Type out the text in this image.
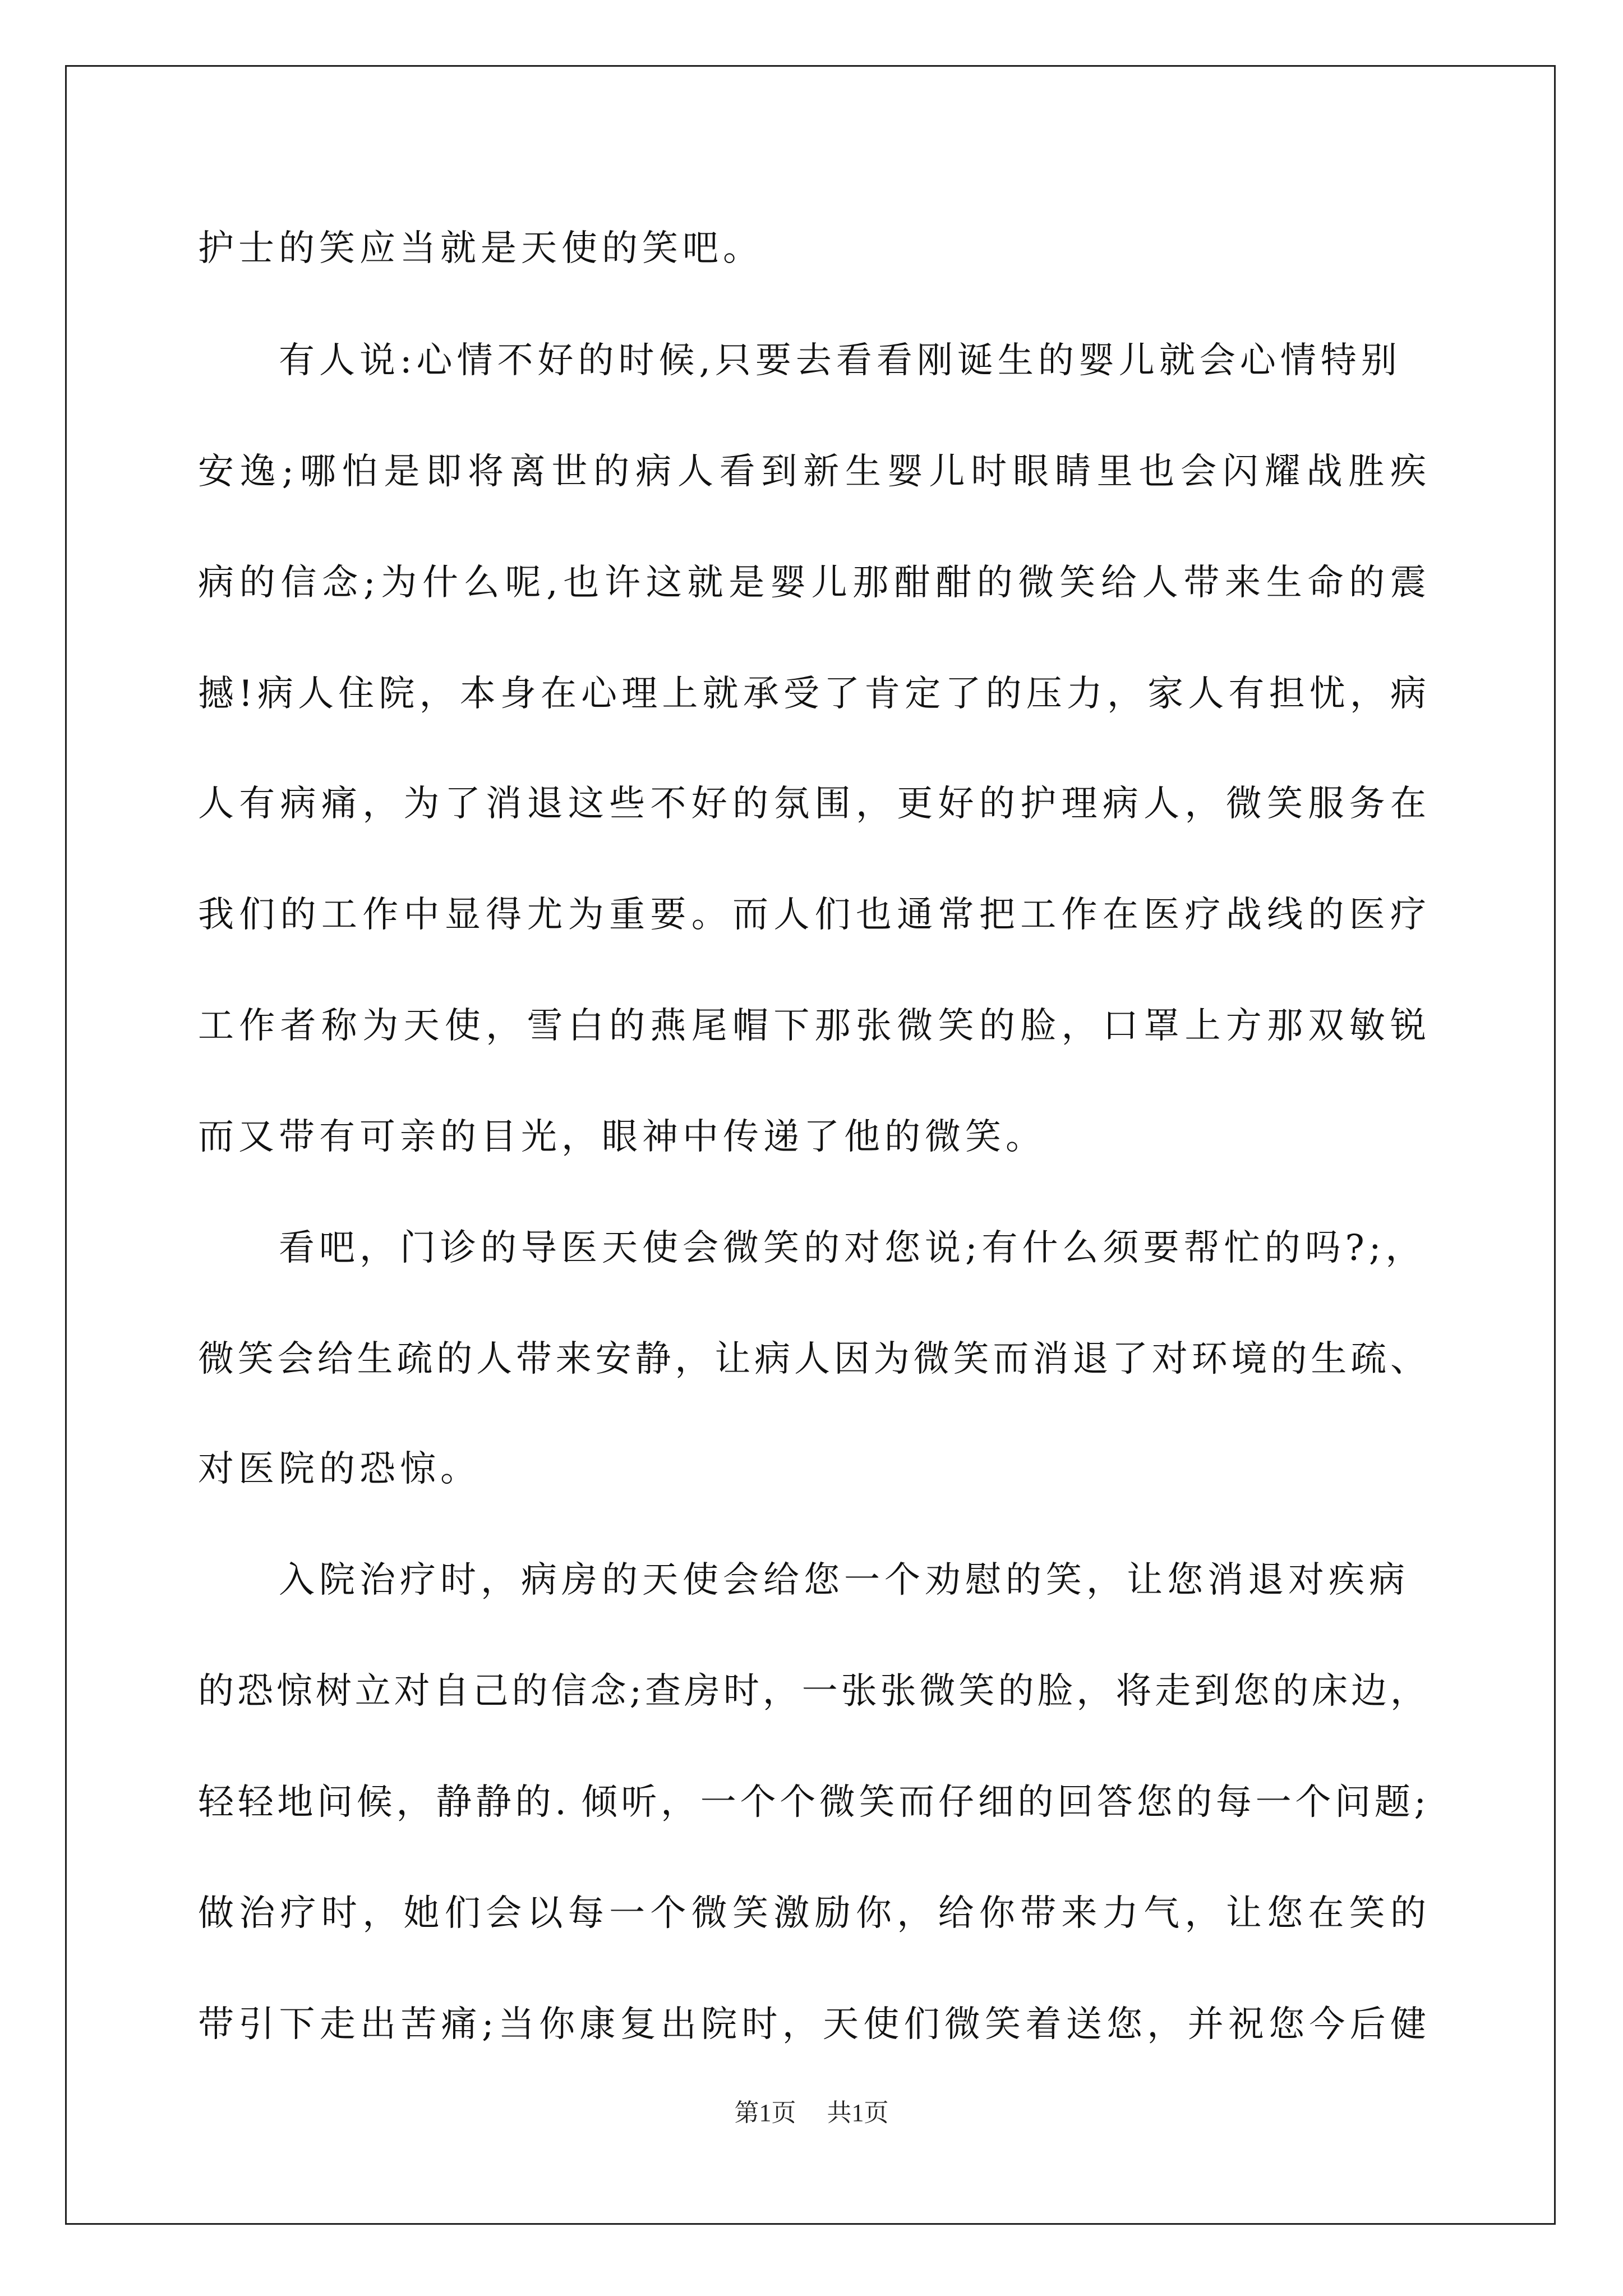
护士的笑应当就是天使的笑吧。
有人说:心情不好的时候,只要去看看刚诞生的婴儿就会心情特别
安逸;哪怕是即将离世的病人看到新生婴儿时眼睛里也会闪耀战胜疾
病的信念;为什么呢,也许这就是婴儿那酣酣的微笑给人带来生命的震
撼!病人住院，本身在心理上就承受了肯定了的压力，家人有担忧，病
人有病痛，为了消退这些不好的氛围，更好的护理病人，微笑服务在
我们的工作中显得尤为重要。而人们也通常把工作在医疗战线的医疗
工作者称为天使，雪白的燕尾帽下那张微笑的脸，口罩上方那双敏锐
而又带有可亲的目光，眼神中传递了他的微笑。
看吧，门诊的导医天使会微笑的对您说;有什么须要帮忙的吗?;，
微笑会给生疏的人带来安静，让病人因为微笑而消退了对环境的生疏、
对医院的恐惊。
入院治疗时，病房的天使会给您一个劝慰的笑，让您消退对疾病
的恐惊树立对自己的信念;查房时，一张张微笑的脸，将走到您的床边，
轻轻地问候，静静的. 倾听，一个个微笑而仔细的回答您的每一个问题;
做治疗时，她们会以每一个微笑激励你，给你带来力气，让您在笑的
带引下走出苦痛;当你康复出院时，天使们微笑着送您，并祝您今后健
第1页 共1页
